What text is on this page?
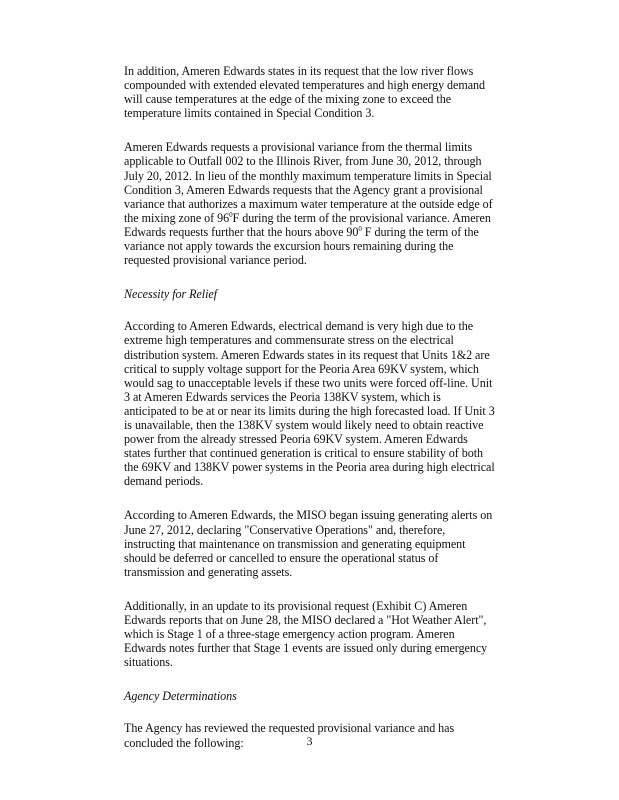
In addition, Ameren Edwards states in its request that the low river flows compounded with extended elevated temperatures and high energy demand will cause temperatures at the edge of the mixing zone to exceed the temperature limits contained in Special Condition 3.

Ameren Edwards requests a provisional variance from the thermal limits applicable to Outfall 002 to the Illinois River, from June 30, 2012, through July 20, 2012. In lieu of the monthly maximum temperature limits in Special Condition 3, Ameren Edwards requests that the Agency grant a provisional variance that authorizes a maximum water temperature at the outside edge of the mixing zone of $96^0F$ during the term of the provisional variance. Ameren Edwards requests further that the hours above $90^0$ F during the term of the variance not apply towards the excursion hours remaining during the requested provisional variance period.

Necessity for Relief

According to Ameren Edwards, electrical demand is very high due to the extreme high temperatures and commensurate stress on the electrical distribution system. Ameren Edwards states in its request that Units 1&2 are critical to supply voltage support for the Peoria Area 69KV system, which would sag to unacceptable levels if these two units were forced off-line. Unit 3 at Ameren Edwards services the Peoria 138KV system, which is anticipated to be at or near its limits during the high forecasted load. If Unit 3 is unavailable, then the 138KV system would likely need to obtain reactive power from the already stressed Peoria 69KV system. Ameren Edwards states further that continued generation is critical to ensure stability of both the 69KV and 138KV power systems in the Peoria area during high electrical demand periods.

According to Ameren Edwards, the MISO began issuing generating alerts on June 27, 2012, declaring "Conservative Operations" and, therefore, instructing that maintenance on transmission and generating equipment should be deferred or cancelled to ensure the operational status of transmission and generating assets.

Additionally, in an update to its provisional request (Exhibit C) Ameren Edwards reports that on June 28, the MISO declared a "Hot Weather Alert", which is Stage 1 of a three-stage emergency action program. Ameren Edwards notes further that Stage 1 events are issued only during emergency situations.

Agency Determinations

The Agency has reviewed the requested provisional variance and has concluded the following:	3
